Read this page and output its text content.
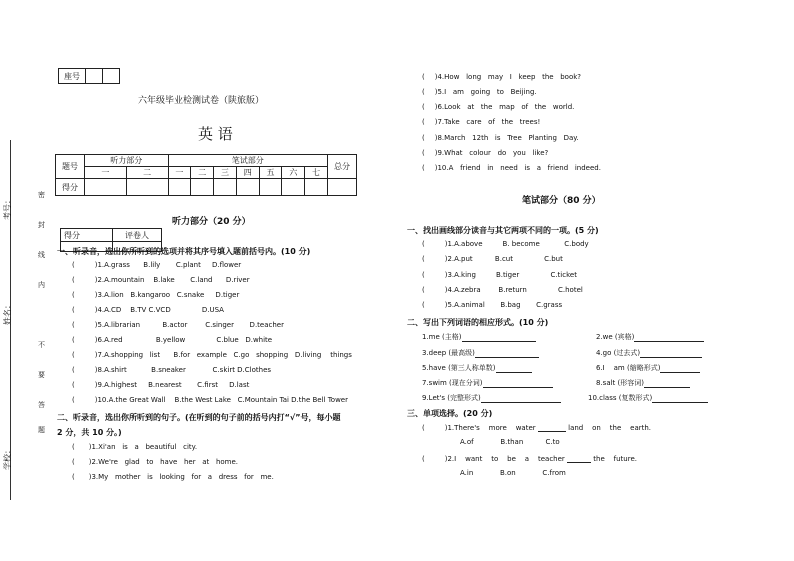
学校：
姓名：
考号：
密
封
线
内
不
要
答
题
座号		
六年级毕业检测试卷（陕旅版）
英 语
题号	听力部分		笔试部分							总分
	一	二	一	二	三	四	五	六	七	
得分										
得分	评卷人

听力部分（20 分）
一、听录音，选出你所听到的选项并将其序号填入题前括号内。(10 分)
(	)1.A.grass      B.lily       C.plant     D.flower
(	)2.A.mountain    B.lake       C.land      D.river
(	)3.A.lion   B.kangaroo   C.snake     D.tiger
(	)4.A.CD    B.TV C.VCD              D.USA
(	)5.A.librarian          B.actor        C.singer       D.teacher
(	)6.A.red               B.yellow              C.blue   D.white
(	)7.A.shopping   list      B.for   example   C.go   shopping   D.living    things
(	)8.A.shirt           B.sneaker            C.skirt D.Clothes
(	)9.A.highest     B.nearest       C.first     D.last
(	)10.A.the Great Wall    B.the West Lake   C.Mountain Tai D.the Bell Tower
二、听录音，选出你所听到的句子。(在听到的句子前的括号内打“√”号，每小题
2 分，共 10 分。)
( )1.Xi'an   is   a   beautiful   city.
( )2.We're   glad   to   have   her   at   home.
( )3.My   mother   is   looking   for   a   dress   for   me.
( )4.How   long   may   I   keep   the   book?
( )5.I   am   going   to   Beijing.
( )6.Look   at   the   map   of   the   world.
( )7.Take   care   of   the   trees!
( )8.March   12th   is   Tree   Planting   Day.
( )9.What   colour   do   you   like?
( )10.A   friend   in   need   is   a   friend   indeed.
笔试部分（80 分）
一、找出画线部分读音与其它两项不同的一项。(5 分)
(	)1.A.above         B. become           C.body
(	)2.A.put          B.cut              C.but
(	)3.A.king         B.tiger              C.ticket
(	)4.A.zebra        B.return              C.hotel
(	)5.A.animal       B.bag       C.grass
二、写出下列词语的相应形式。(10 分)
1.me (主格)	2.we (宾格)
3.deep (最高级)	4.go (过去式)
5.have (第三人称单数)	6.I    am (缩略形式)
7.swim (现在分词)	8.salt (形容词)
9.Let's (完整形式)	10.class (复数形式)
三、单项选择。(20 分)
(	)1.There's    more    water	land    on    the    earth.
A.of            B.than          C.to
(	)2.I    want    to    be    a    teacher	the    future.
A.in            B.on            C.from
